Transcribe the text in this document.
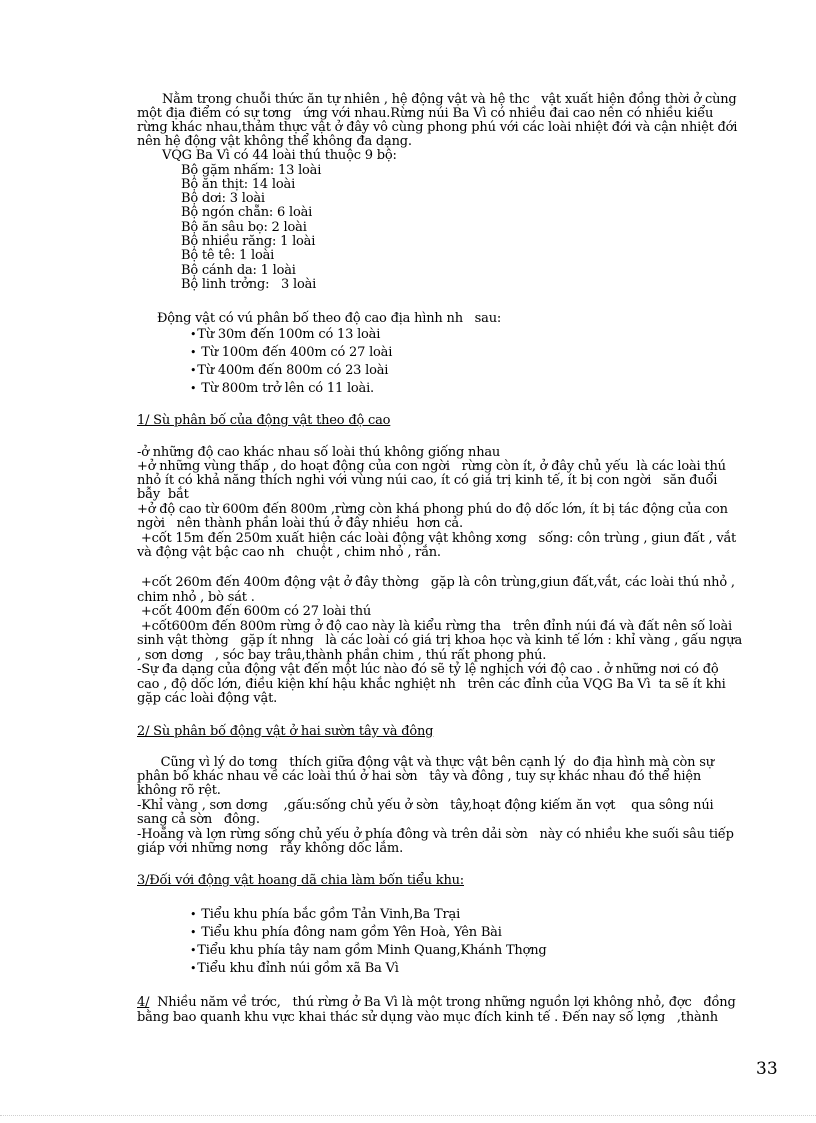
Nằm trong chuỗi thức ăn tự nhiên , hệ động vật và hệ thc   vật xuất hiện đồng thời ở cùng
một địa điểm có sự tơng   ứng với nhau.Rừng núi Ba Vì có nhiều đai cao nên có nhiều kiểu
rừng khác nhau,thảm thực vật ở đây vô cùng phong phú với các loài nhiệt đới và cận nhiệt đới
nên hệ động vật không thể không đa dạng.
VQG Ba Vì có 44 loài thú thuộc 9 bộ:
Bộ gặm nhấm: 13 loài
Bộ ăn thịt: 14 loài
Bộ dơi: 3 loài
Bộ ngón chẵn: 6 loài
Bộ ăn sâu bọ: 2 loài
Bộ nhiều răng: 1 loài
Bộ tê tê: 1 loài
Bộ cánh da: 1 loài
Bộ linh trởng:   3 loài
Động vật có vú phân bố theo độ cao địa hình nh   sau:
• Từ 30m đến 100m có 13 loài
•  Từ 100m đến 400m có 27 loài
• Từ 400m đến 800m có 23 loài
•  Từ 800m trở lên có 11 loài.
1/ Sù phân bố của động vật theo độ cao
-ở những độ cao khác nhau số loài thú không giống nhau
+ở những vùng thấp , do hoạt động của con ngời   rừng còn ít, ở đây chủ yếu  là các loài thú
nhỏ ít có khả năng thích nghi với vùng núi cao, ít có giá trị kinh tế, ít bị con ngời   săn đuổi
bẫy  bắt
+ở độ cao từ 600m đến 800m ,rừng còn khá phong phú do độ dốc lớn, ít bị tác động của con
ngời   nên thành phần loài thú ở đây nhiều  hơn cả.
+cốt 15m đến 250m xuất hiện các loài động vật không xơng   sống: côn trùng , giun đất , vắt
và động vật bậc cao nh   chuột , chim nhỏ , rắn.
+cốt 260m đến 400m động vật ở đây thờng   gặp là côn trùng,giun đất,vắt, các loài thú nhỏ ,
chim nhỏ , bò sát .
+cốt 400m đến 600m có 27 loài thú
+cốt600m đến 800m rừng ở độ cao này là kiểu rừng tha   trên đỉnh núi đá và đất nên số loài
sinh vật thờng   gặp ít nhng   là các loài có giá trị khoa học và kinh tế lớn : khỉ vàng , gấu ngựa
, sơn dơng   , sóc bay trâu,thành phần chim , thú rất phong phú.
-Sự đa dạng của động vật đến một lúc nào đó sẽ tỷ lệ nghịch với độ cao . ở những nơi có độ
cao , độ dốc lớn, điều kiện khí hậu khắc nghiệt nh   trên các đỉnh của VQG Ba Vì  ta sẽ ít khi
gặp các loài động vật.
2/ Sù phân bố động vật ở hai sườn tây và đông
Cũng vì lý do tơng   thích giữa động vật và thực vật bên cạnh lý  do địa hình mà còn sự
phân bố khác nhau về các loài thú ở hai sờn   tây và đông , tuy sự khác nhau đó thể hiện
không rõ rệt.
-Khỉ vàng , sơn dơng    ,gấu:sống chủ yếu ở sờn   tây,hoạt động kiếm ăn vợt    qua sông núi
sang cả sờn   đông.
-Hoẵng và lợn rừng sống chủ yếu ở phía đông và trên dải sờn   này có nhiều khe suối sâu tiếp
giáp với những nơng   rẫy không dốc lắm.
3/Đối với động vật hoang dã chia làm bốn tiểu khu:
•  Tiểu khu phía bắc gồm Tản Vinh,Ba Trại
•  Tiểu khu phía đông nam gồm Yên Hoà, Yên Bài
• Tiểu khu phía tây nam gồm Minh Quang,Khánh Thợng
• Tiểu khu đỉnh núi gồm xã Ba Vì
4/  Nhiều năm về trớc,   thú rừng ở Ba Vì là một trong những nguồn lợi không nhỏ, đợc   đồng
bằng bao quanh khu vực khai thác sử dụng vào mục đích kinh tế . Đến nay số lợng   ,thành
33
